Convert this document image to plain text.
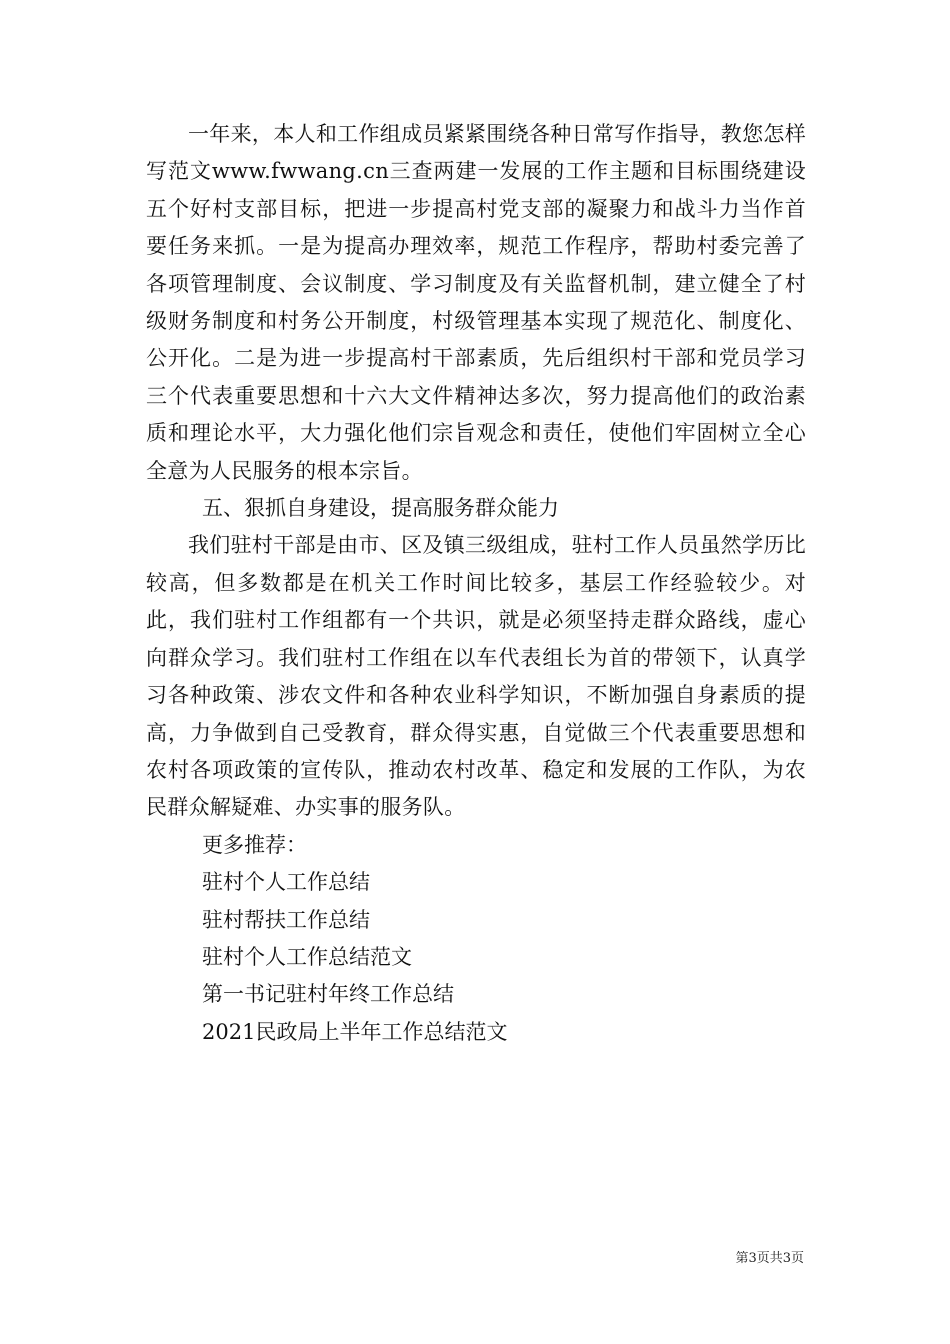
一年来，本人和工作组成员紧紧围绕各种日常写作指导，教您怎样写范文www.fwwang.cn三查两建一发展的工作主题和目标围绕建设五个好村支部目标，把进一步提高村党支部的凝聚力和战斗力当作首要任务来抓。一是为提高办理效率，规范工作程序，帮助村委完善了各项管理制度、会议制度、学习制度及有关监督机制，建立健全了村级财务制度和村务公开制度，村级管理基本实现了规范化、制度化、公开化。二是为进一步提高村干部素质，先后组织村干部和党员学习三个代表重要思想和十六大文件精神达多次，努力提高他们的政治素质和理论水平，大力强化他们宗旨观念和责任，使他们牢固树立全心全意为人民服务的根本宗旨。

五、狠抓自身建设，提高服务群众能力

我们驻村干部是由市、区及镇三级组成，驻村工作人员虽然学历比较高，但多数都是在机关工作时间比较多，基层工作经验较少。对此，我们驻村工作组都有一个共识，就是必须坚持走群众路线，虚心向群众学习。我们驻村工作组在以车代表组长为首的带领下，认真学习各种政策、涉农文件和各种农业科学知识，不断加强自身素质的提高，力争做到自己受教育，群众得实惠，自觉做三个代表重要思想和农村各项政策的宣传队，推动农村改革、稳定和发展的工作队，为农民群众解疑难、办实事的服务队。

更多推荐：

驻村个人工作总结
驻村帮扶工作总结
驻村个人工作总结范文
第一书记驻村年终工作总结
2021民政局上半年工作总结范文
第3页共3页
